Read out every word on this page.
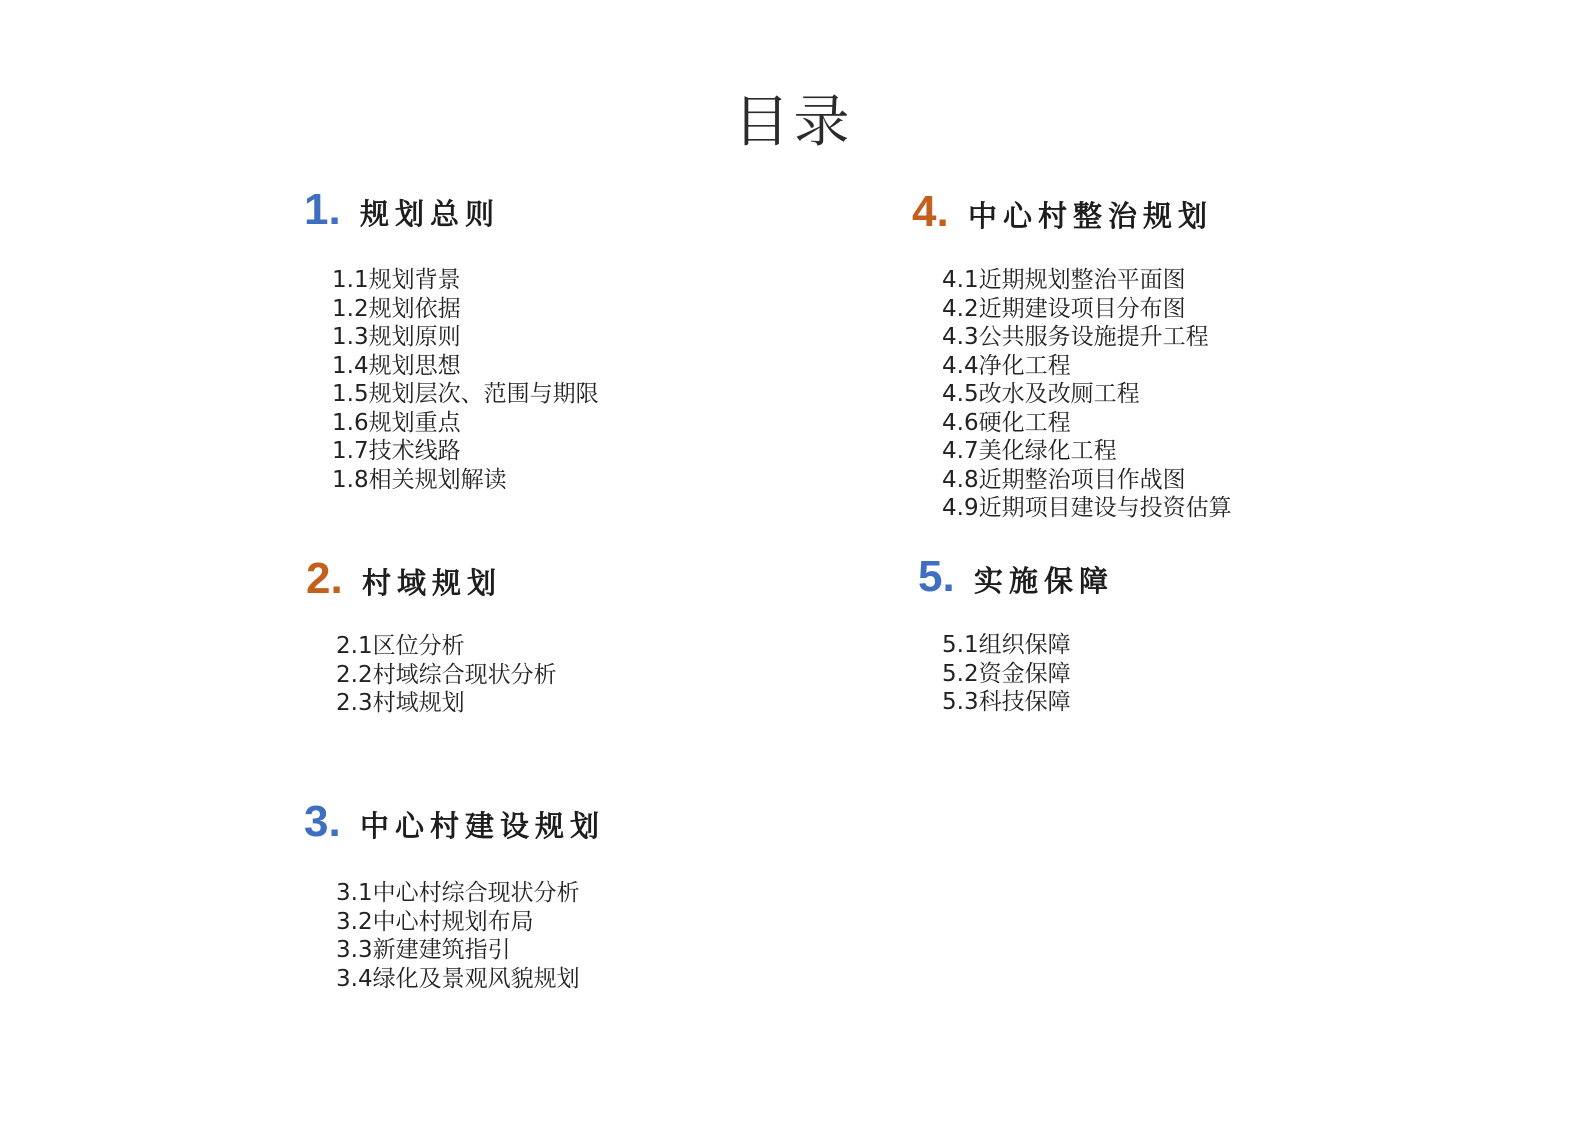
目录
1. 规划总则
1.1规划背景
1.2规划依据
1.3规划原则
1.4规划思想
1.5规划层次、范围与期限
1.6规划重点
1.7技术线路
1.8相关规划解读
2. 村域规划
2.1区位分析
2.2村域综合现状分析
2.3村域规划
3. 中心村建设规划
3.1中心村综合现状分析
3.2中心村规划布局
3.3新建建筑指引
3.4绿化及景观风貌规划
4. 中心村整治规划
4.1近期规划整治平面图
4.2近期建设项目分布图
4.3公共服务设施提升工程
4.4净化工程
4.5改水及改厕工程
4.6硬化工程
4.7美化绿化工程
4.8近期整治项目作战图
4.9近期项目建设与投资估算
5. 实施保障
5.1组织保障
5.2资金保障
5.3科技保障
